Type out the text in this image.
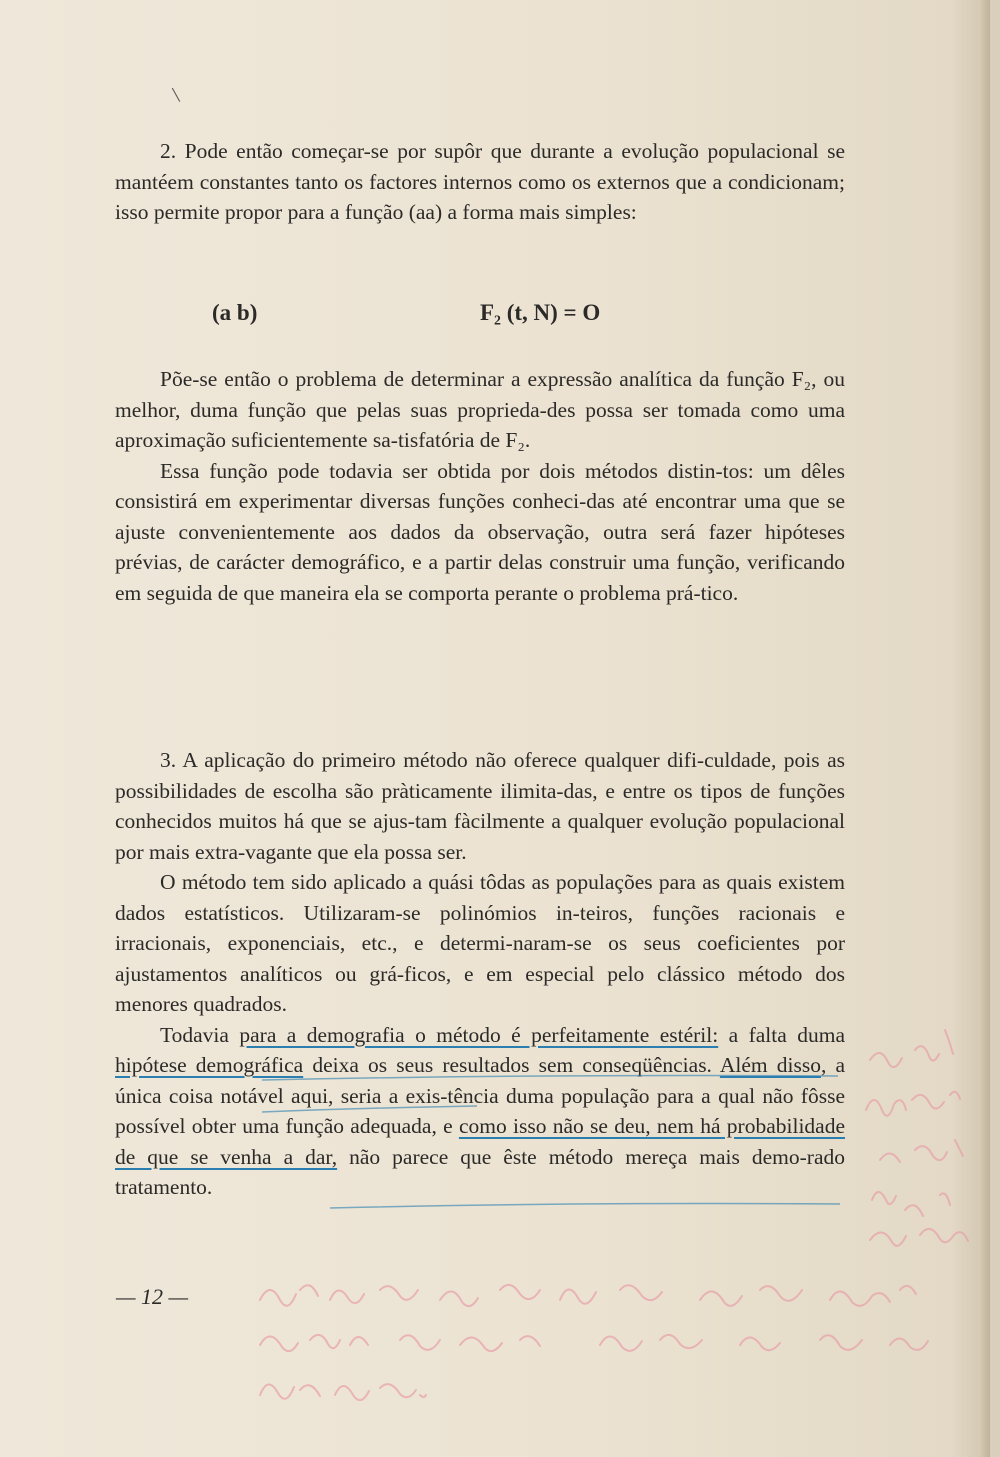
\

2. Pode então começar-se por supôr que durante a evolução populacional se mantéem constantes tanto os factores internos como os externos que a condicionam; isso permite propor para a função (aa) a forma mais simples:

(a b)	F₂ (t, N) = O

Põe-se então o problema de determinar a expressão analítica da função F₂, ou melhor, duma função que pelas suas proprieda-des possa ser tomada como uma aproximação suficientemente sa-tisfatória de F₂.

Essa função pode todavia ser obtida por dois métodos distin-tos: um dêles consistirá em experimentar diversas funções conheci-das até encontrar uma que se ajuste convenientemente aos dados da observação, outra será fazer hipóteses prévias, de carácter demográfico, e a partir delas construir uma função, verificando em seguida de que maneira ela se comporta perante o problema prá-tico.

3. A aplicação do primeiro método não oferece qualquer difi-culdade, pois as possibilidades de escolha são pràticamente ilimita-das, e entre os tipos de funções conhecidos muitos há que se ajus-tam fàcilmente a qualquer evolução populacional por mais extra-vagante que ela possa ser.

O método tem sido aplicado a quási tôdas as populações para as quais existem dados estatísticos. Utilizaram-se polinómios in-teiros, funções racionais e irracionais, exponenciais, etc., e determi-naram-se os seus coeficientes por ajustamentos analíticos ou grá-ficos, e em especial pelo clássico método dos menores quadrados.

Todavia para a demografia o método é perfeitamente estéril: a falta duma hipótese demográfica deixa os seus resultados sem conseqüências. Além disso, a única coisa notável aqui, seria a exis-tência duma população para a qual não fôsse possível obter uma função adequada, e como isso não se deu, nem há probabilidade de que se venha a dar, não parece que êste método mereça mais demo-rado tratamento.

— 12 —
